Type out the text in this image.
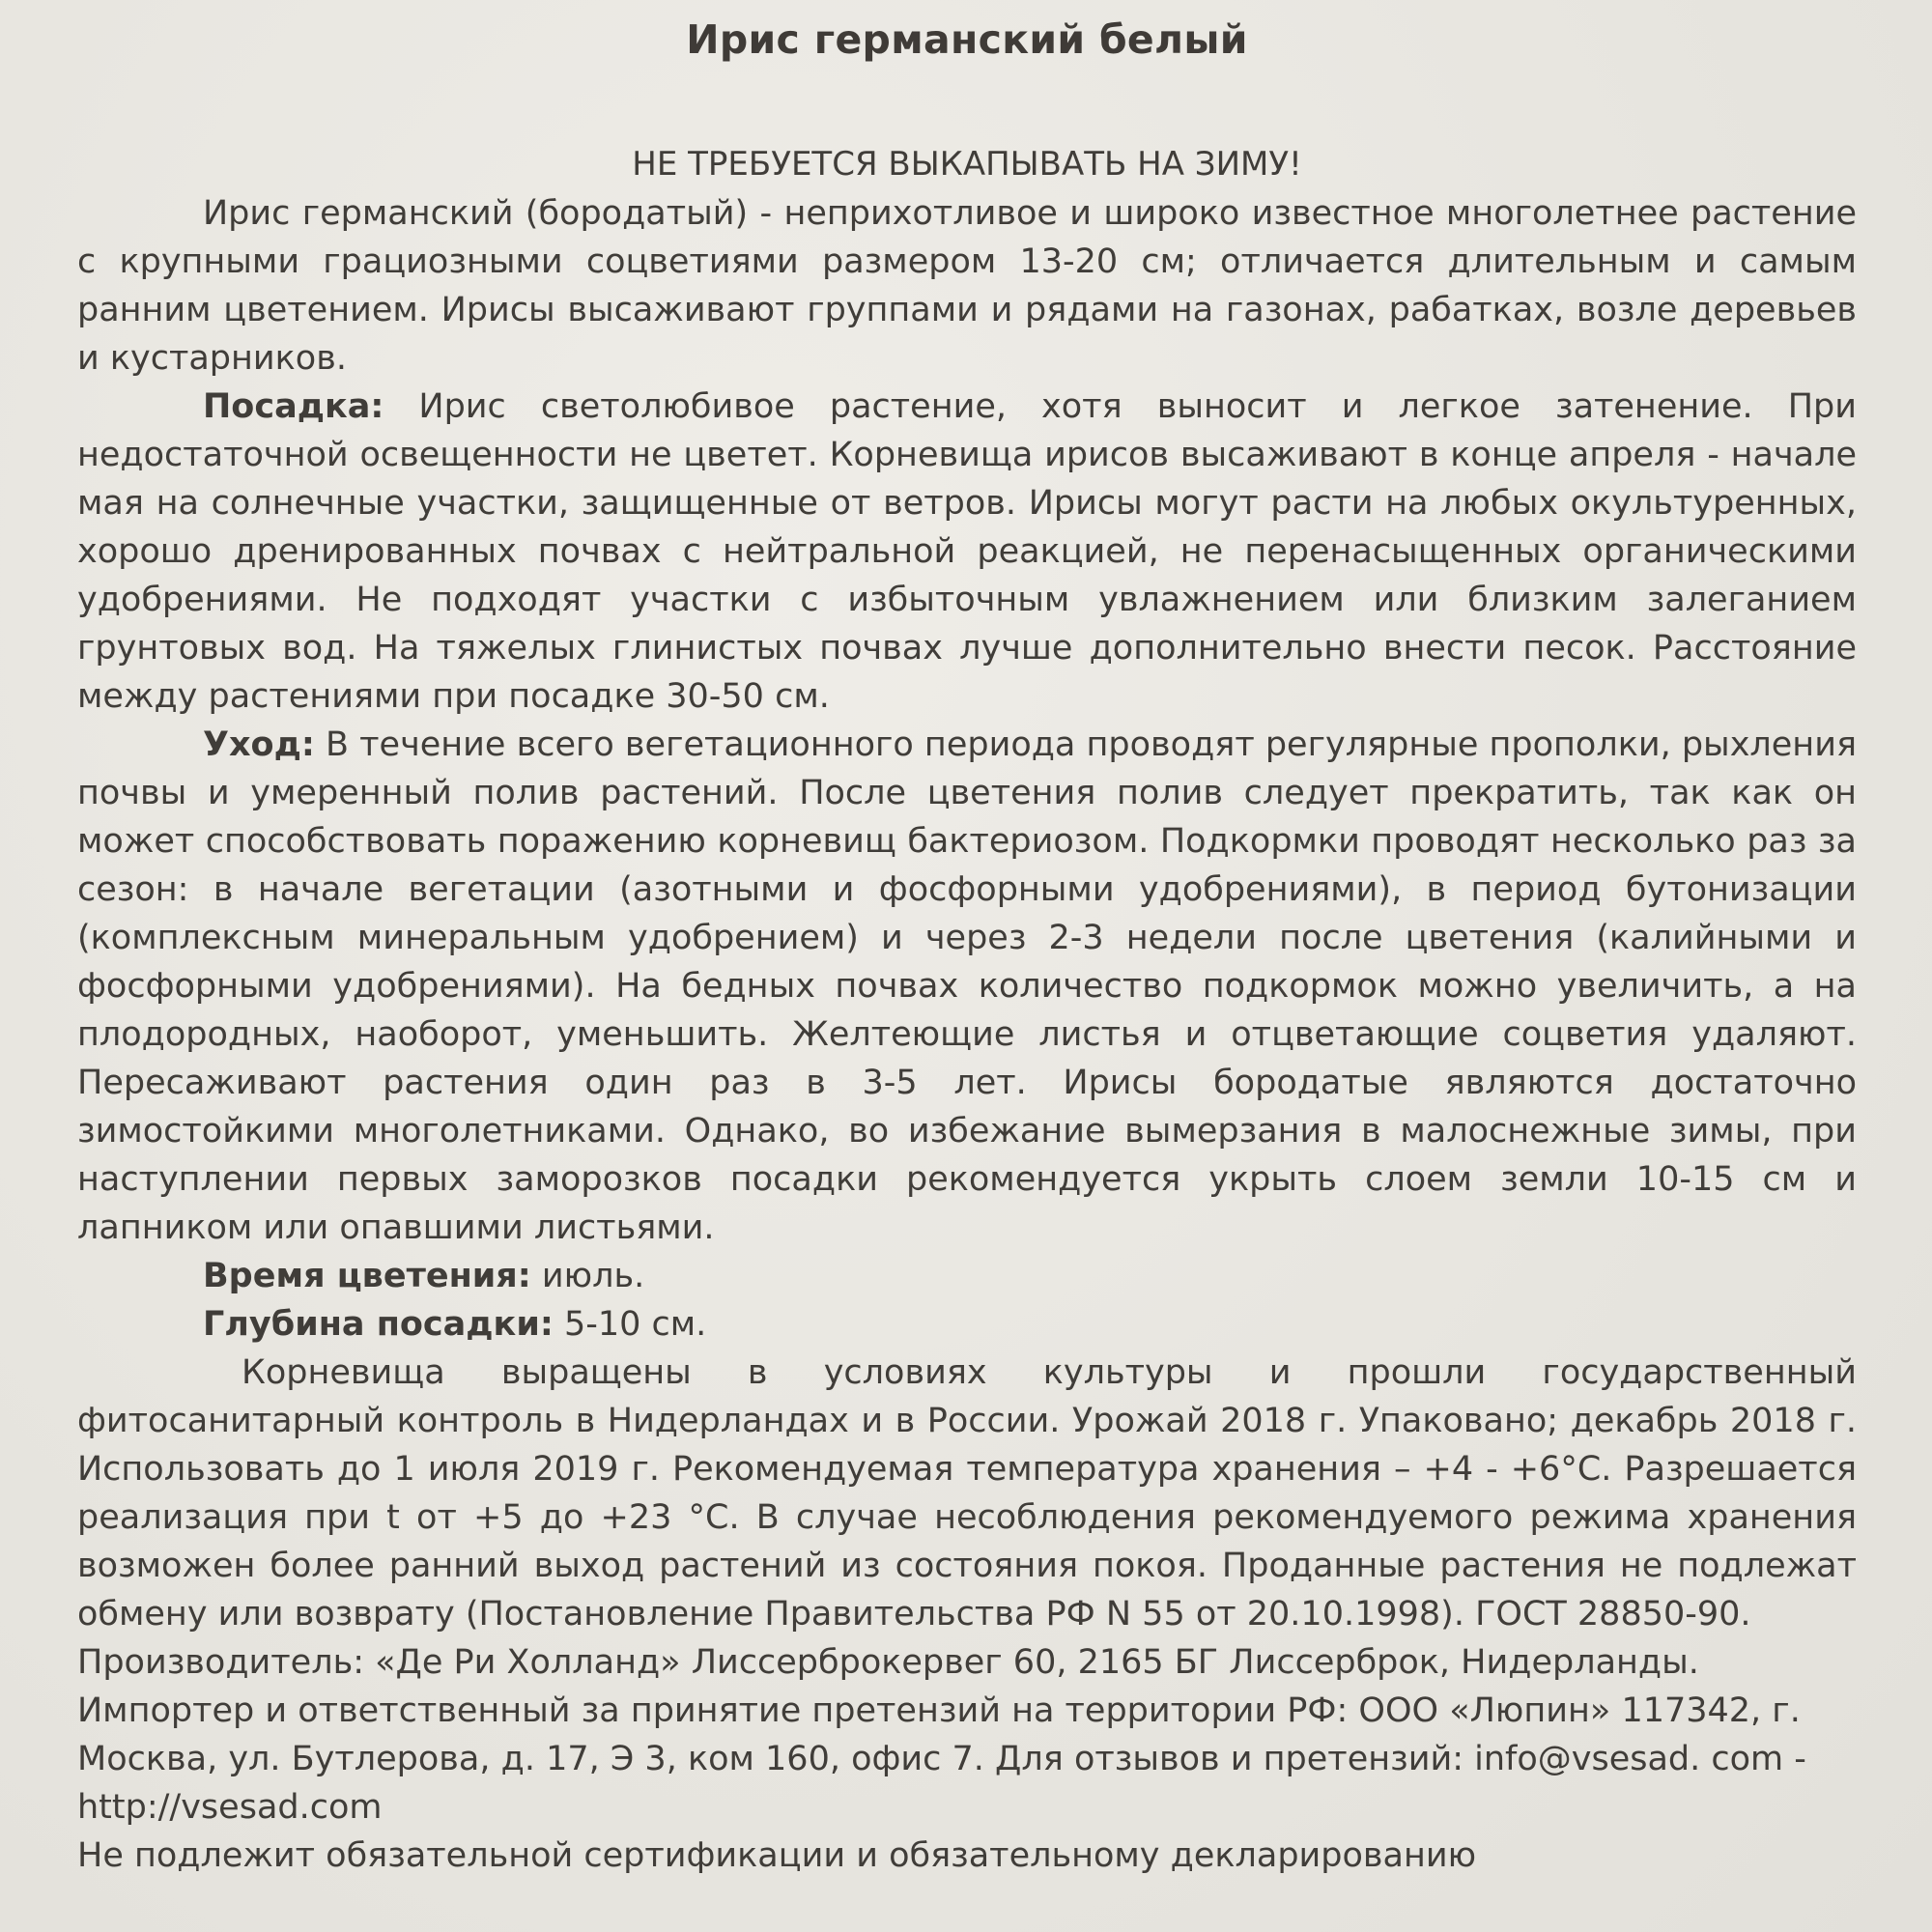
Ирис германский белый

НЕ ТРЕБУЕТСЯ ВЫКАПЫВАТЬ НА ЗИМУ!

Ирис германский (бородатый) - неприхотливое и широко известное многолетнее растение с крупными грациозными соцветиями размером 13-20 см; отличается длительным и самым ранним цветением. Ирисы высаживают группами и рядами на газонах, рабатках, возле деревьев и кустарников.

Посадка: Ирис светолюбивое растение, хотя выносит и легкое затенение. При недостаточной освещенности не цветет. Корневища ирисов высаживают в конце апреля - начале мая на солнечные участки, защищенные от ветров. Ирисы могут расти на любых окультуренных, хорошо дренированных почвах с нейтральной реакцией, не перенасыщенных органическими удобрениями. Не подходят участки с избыточным увлажнением или близким залеганием грунтовых вод. На тяжелых глинистых почвах лучше дополнительно внести песок. Расстояние между растениями при посадке 30-50 см.

Уход: В течение всего вегетационного периода проводят регулярные прополки, рыхления почвы и умеренный полив растений. После цветения полив следует прекратить, так как он может способствовать поражению корневищ бактериозом. Подкормки проводят несколько раз за сезон: в начале вегетации (азотными и фосфорными удобрениями), в период бутонизации (комплексным минеральным удобрением) и через 2-3 недели после цветения (калийными и фосфорными удобрениями). На бедных почвах количество подкормок можно увеличить, а на плодородных, наоборот, уменьшить. Желтеющие листья и отцветающие соцветия удаляют. Пересаживают растения один раз в 3-5 лет. Ирисы бородатые являются достаточно зимостойкими многолетниками. Однако, во избежание вымерзания в малоснежные зимы, при наступлении первых заморозков посадки рекомендуется укрыть слоем земли 10-15 см и лапником или опавшими листьями.

Время цветения: июль.

Глубина посадки: 5-10 см.

Корневища выращены в условиях культуры и прошли государственный фитосанитарный контроль в Нидерландах и в России. Урожай 2018 г. Упаковано; декабрь 2018 г. Использовать до 1 июля 2019 г. Рекомендуемая температура хранения – +4 - +6°С. Разрешается реализация при t от +5 до +23 °С. В случае несоблюдения рекомендуемого режима хранения возможен более ранний выход растений из состояния покоя. Проданные растения не подлежат обмену или возврату (Постановление Правительства РФ N 55 от 20.10.1998). ГОСТ 28850-90.

Производитель: «Де Ри Холланд» Лиссерброкервег 60, 2165 БГ Лиссерброк, Нидерланды.

Импортер и ответственный за принятие претензий на территории РФ: ООО «Люпин» 117342, г. Москва, ул. Бутлерова, д. 17, Э 3, ком 160, офис 7. Для отзывов и претензий: info@vsesad. com - http://vsesad.com

Не подлежит обязательной сертификации и обязательному декларированию
